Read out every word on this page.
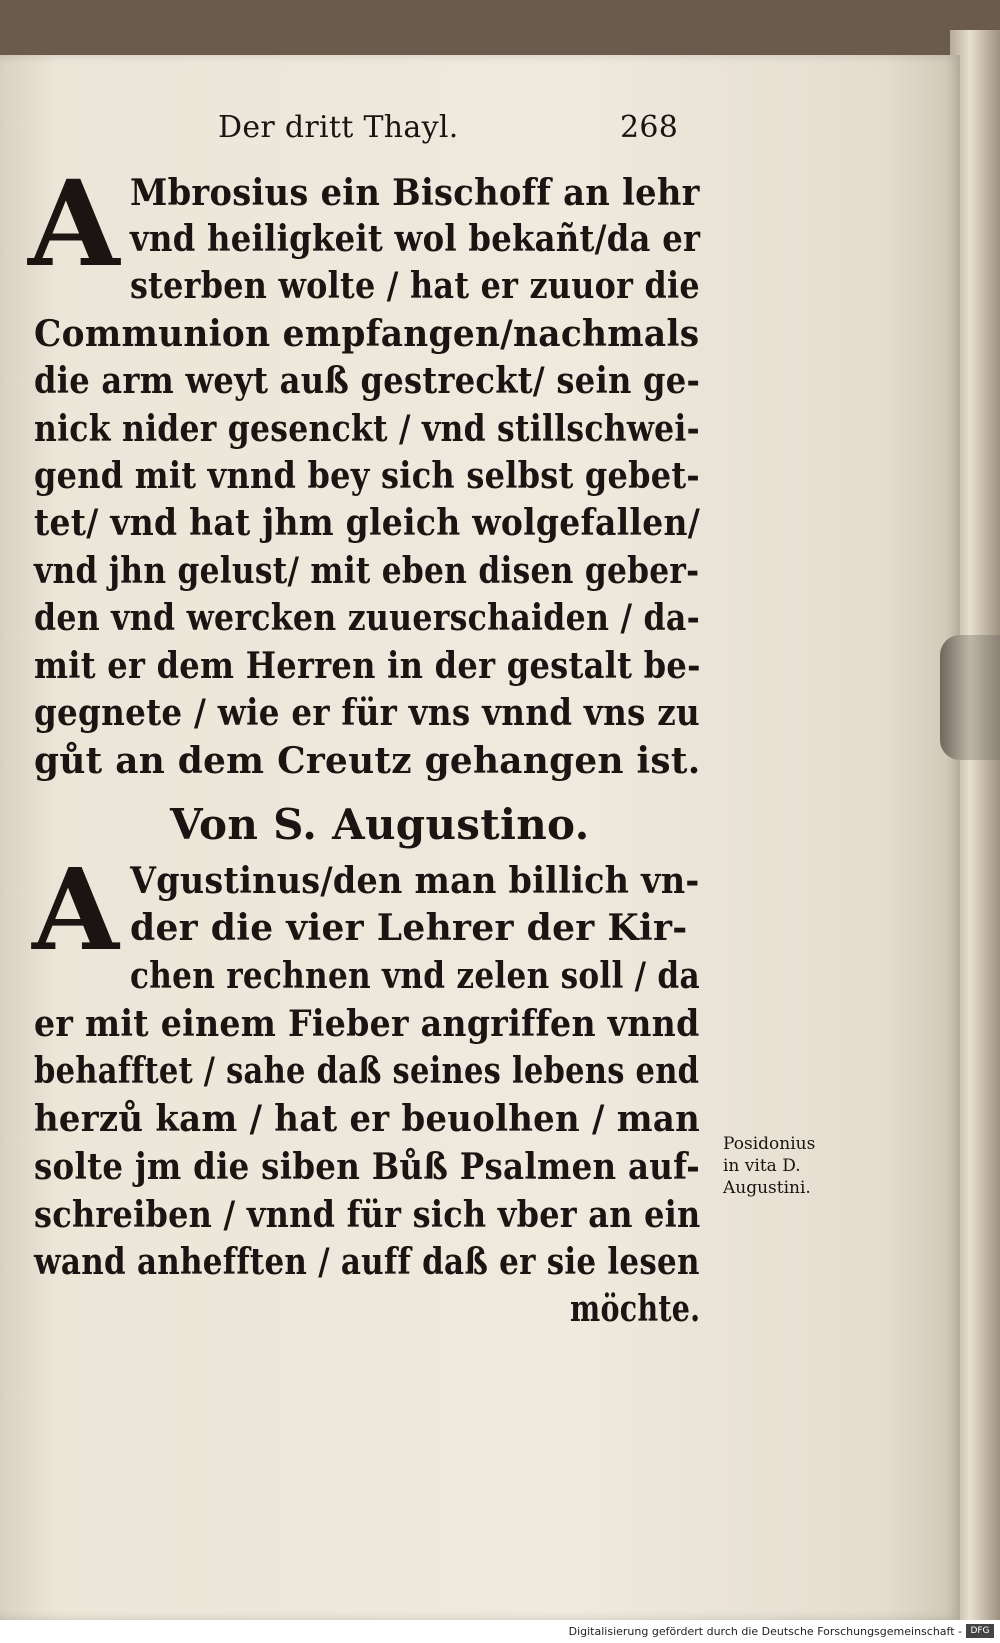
Der dritt Thayl.	268
A Mbrosius ein Bischoff an lehr
vnd heiligkeit wol bekañt/da er
sterben wolte / hat er zuuor die
Communion empfangen/nachmals
die arm weyt auß gestreckt/ sein ge-
nick nider gesenckt / vnd stillschwei-
gend mit vnnd bey sich selbst gebet-
tet/ vnd hat jhm gleich wolgefallen/
vnd jhn gelust/ mit eben disen geber-
den vnd wercken zuuerschaiden / da-
mit er dem Herren in der gestalt be-
gegnete / wie er für vns vnnd vns zu
gůt an dem Creutz gehangen ist.
Von S. Augustino.
A Vgustinus/den man billich vn-
der die vier Lehrer der Kir-
chen rechnen vnd zelen soll / da
er mit einem Fieber angriffen vnnd
behafftet / sahe daß seines lebens end
herzů kam / hat er beuolhen / man
solte jm die siben Bůß Psalmen auf-
schreiben / vnnd für sich vber an ein
wand anhefften / auff daß er sie lesen
möchte.
Posidonius
in vita D.
Augustini.
Digitalisierung gefördert durch die Deutsche Forschungsgemeinschaft - DFG
